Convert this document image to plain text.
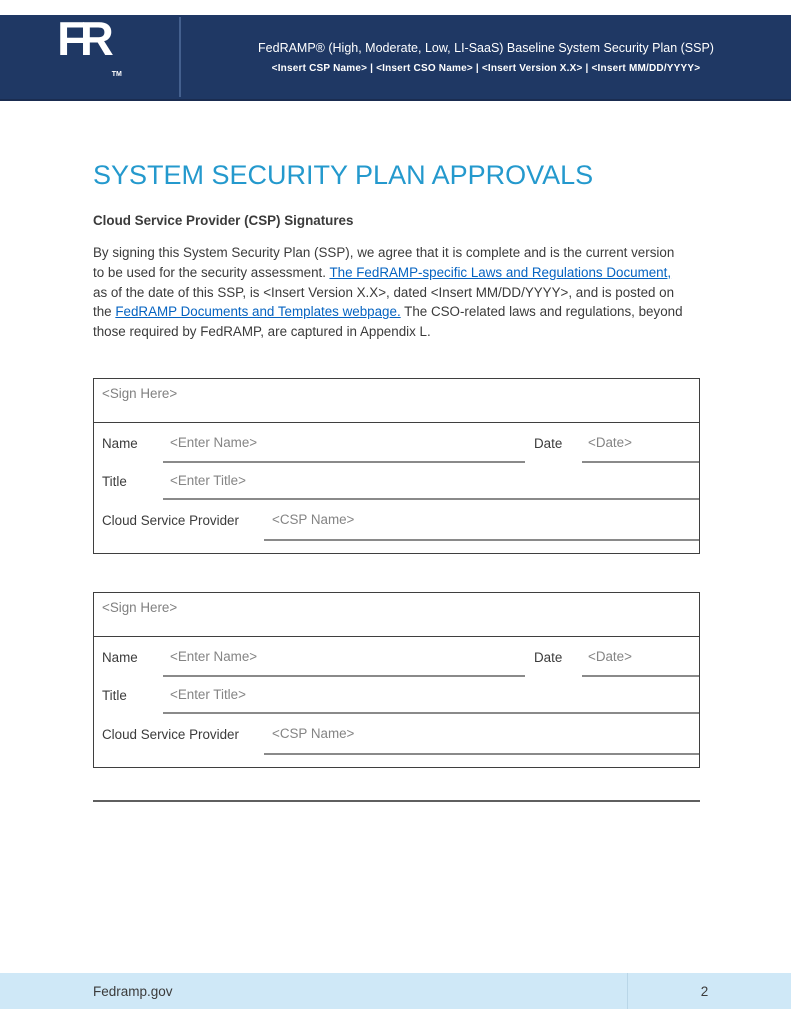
FR
TM
FedRAMP® (High, Moderate, Low, LI-SaaS) Baseline System Security Plan (SSP)
<Insert CSP Name> | <Insert CSO Name> | <Insert Version X.X> | <Insert MM/DD/YYYY>
SYSTEM SECURITY PLAN APPROVALS
Cloud Service Provider (CSP) Signatures
By signing this System Security Plan (SSP), we agree that it is complete and is the current version to be used for the security assessment. The FedRAMP-specific Laws and Regulations Document, as of the date of this SSP, is <Insert Version X.X>, dated <Insert MM/DD/YYYY>, and is posted on the FedRAMP Documents and Templates webpage. The CSO-related laws and regulations, beyond those required by FedRAMP, are captured in Appendix L.
<Sign Here>
Name	<Enter Name>	Date	<Date>
Title	<Enter Title>
Cloud Service Provider	<CSP Name>
<Sign Here>
Name	<Enter Name>	Date	<Date>
Title	<Enter Title>
Cloud Service Provider	<CSP Name>
Fedramp.gov	2
